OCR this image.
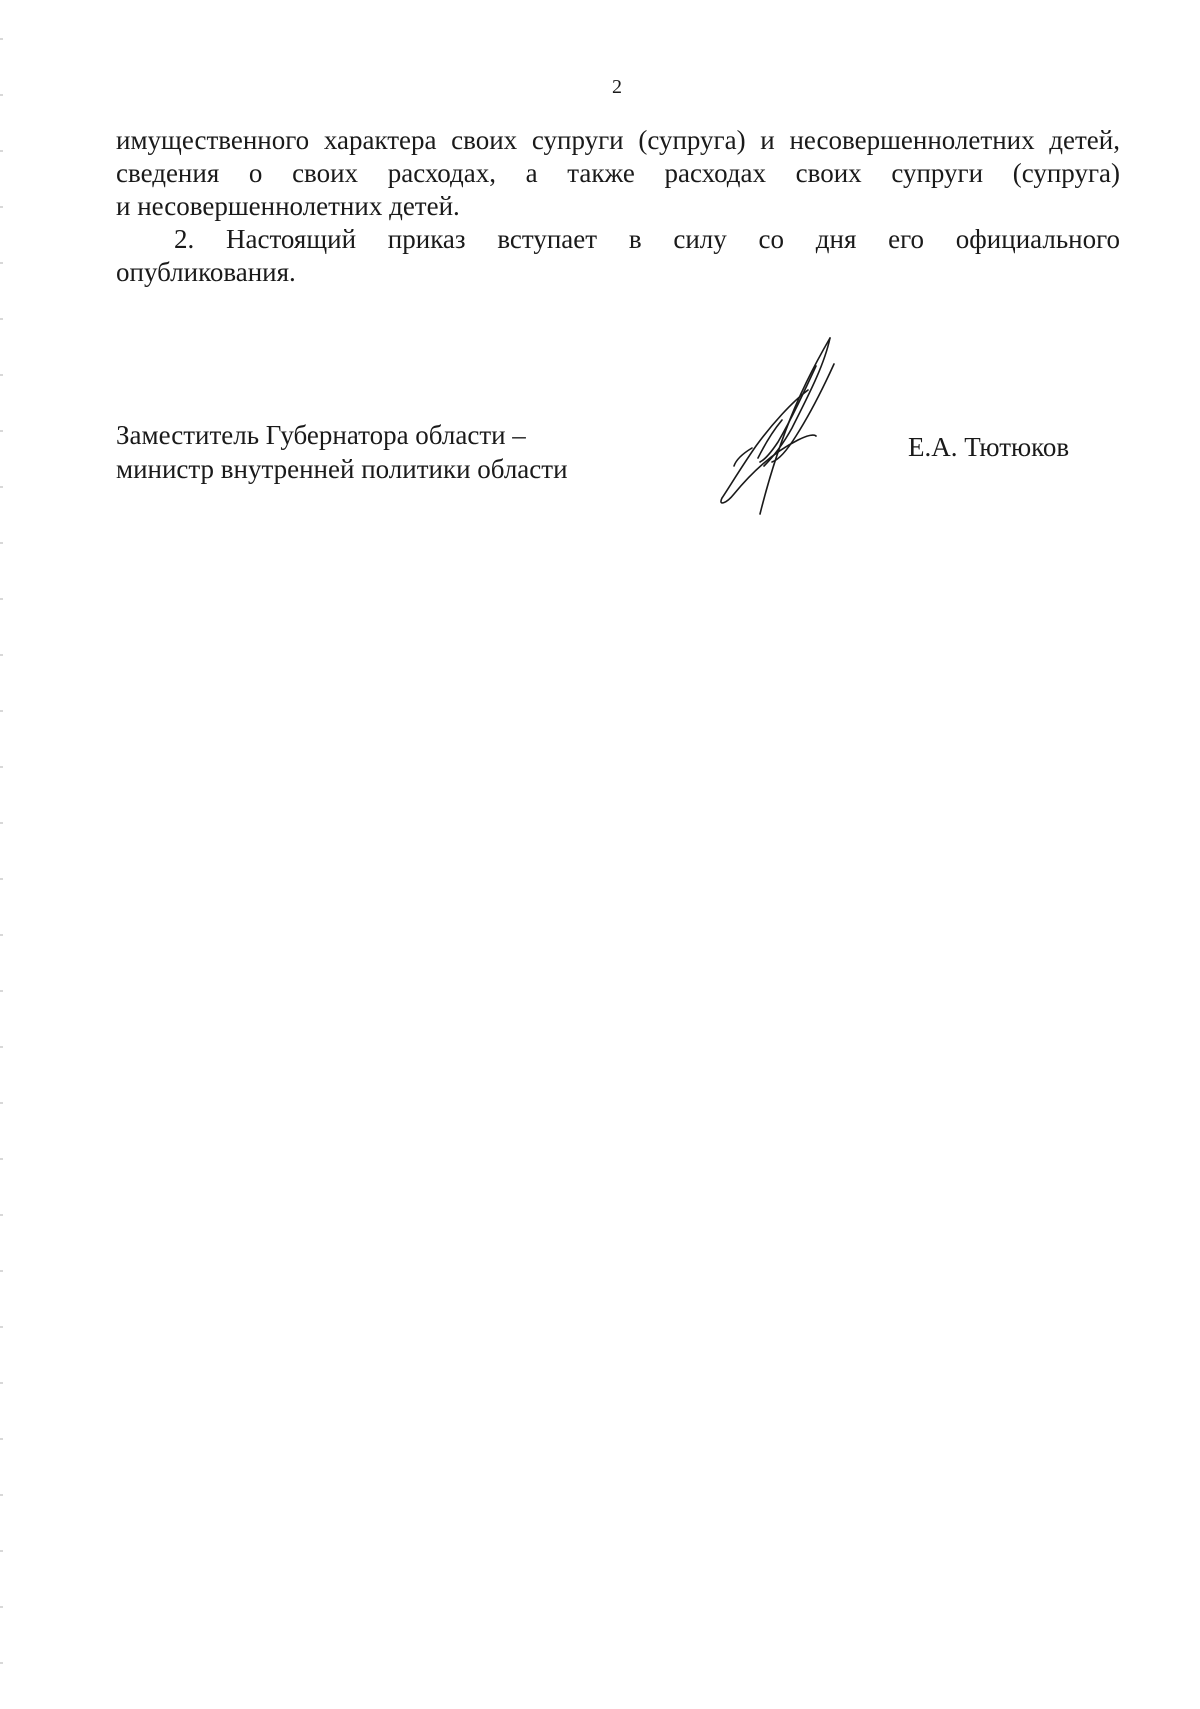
2
имущественного характера своих супруги (супруга) и несовершеннолетних детей,
сведения о своих расходах, а также расходах своих супруги (супруга)
и несовершеннолетних детей.
2. Настоящий приказ вступает в силу со дня его официального
опубликования.
Заместитель Губернатора области –
министр внутренней политики области
Е.А. Тютюков
